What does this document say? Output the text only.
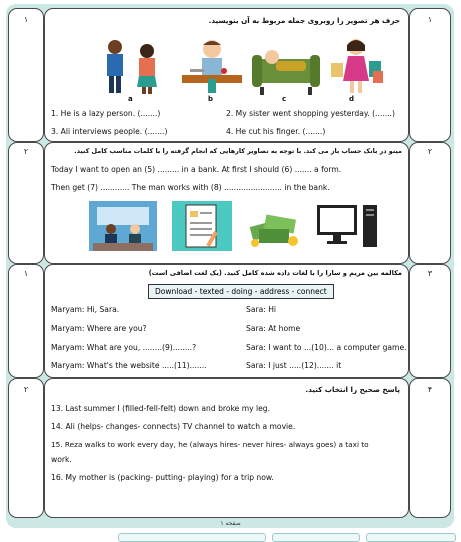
۱
۲
۳
۴
۱
۲
۱
۲
حرف هر تصویر را روبروی جمله مربوط به آن بنویسید.
a	b	c	d
1. He is a lazy person. (.......)	2. My sister went shopping yesterday. (.......)
3. Ali interviews people. (.......)	4. He cut his finger. (.......)
مینو در بانک حساب باز می کند. با توجه به تصاویر کارهایی که انجام گرفته را با کلمات مناسب کامل کنید.
Today I want to open an (5) ......... in a bank. At first I should (6) ....... a form.
Then get (7) ............ The man works with (8) ........................ in the bank.
مکالمه بین مریم و سارا را با لغات داده شده کامل کنید. (یک لغت اضافی است)
Download - texted - doing - address - connect
Maryam: Hi, Sara.	Sara: Hi
Maryam: Where are you?	Sara: At home
Maryam: What are you, ........(9)........?	Sara: I want to ...(10)... a computer game.
Maryam: What's the website .....(11).......	Sara: I just .....(12)....... it
پاسخ صحیح را انتخاب کنید.
13. Last summer I (filled-fell-felt) down and broke my leg.
14. Ali (helps- changes- connects) TV channel to watch a movie.
15. Reza walks to work every day, he (always hires- never hires- always goes) a taxi to
work.
16. My mother is (packing- putting- playing) for a trip now.
صفحه ۱
